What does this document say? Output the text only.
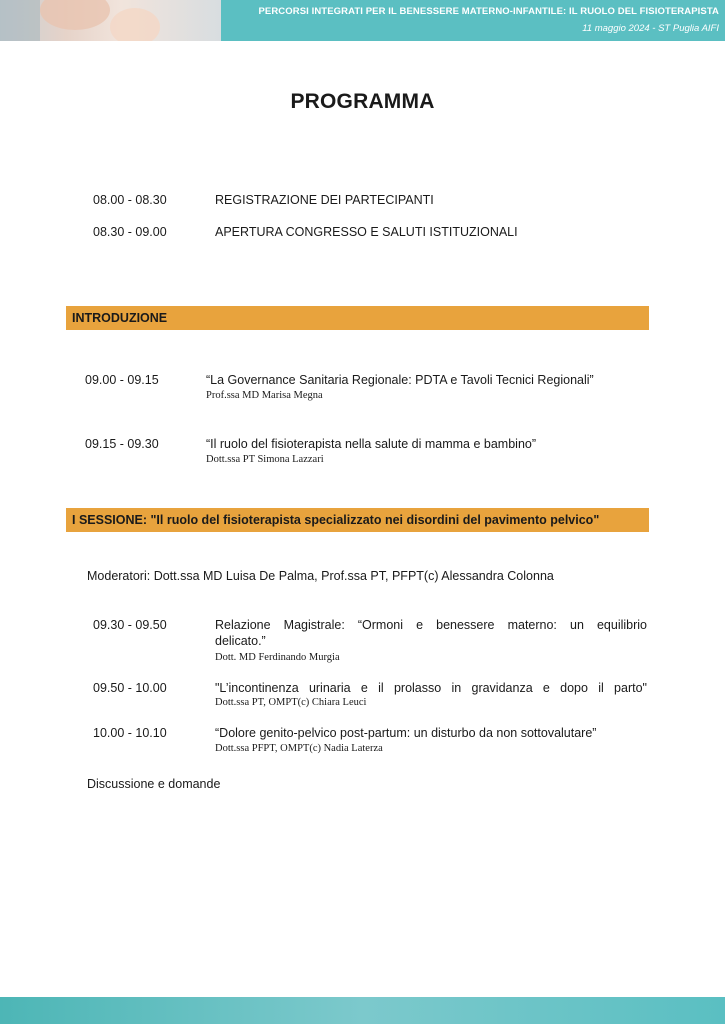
PERCORSI INTEGRATI PER IL BENESSERE MATERNO-INFANTILE: IL RUOLO DEL FISIOTERAPISTA
11 maggio 2024 - ST Puglia AIFI
PROGRAMMA
08.00 - 08.30	REGISTRAZIONE DEI PARTECIPANTI
08.30 - 09.00	APERTURA CONGRESSO E SALUTI ISTITUZIONALI
INTRODUZIONE
09.00 - 09.15	“La Governance Sanitaria Regionale: PDTA e Tavoli Tecnici Regionali”
Prof.ssa MD Marisa Megna
09.15 - 09.30	“Il ruolo del fisioterapista nella salute di mamma e bambino”
Dott.ssa PT Simona Lazzari
I SESSIONE: "Il ruolo del fisioterapista specializzato nei disordini del pavimento pelvico"
Moderatori: Dott.ssa MD Luisa De Palma, Prof.ssa PT, PFPT(c) Alessandra Colonna
09.30 - 09.50	Relazione Magistrale: “Ormoni e benessere materno: un equilibrio
delicato.”
Dott. MD Ferdinando Murgia
09.50 - 10.00	"L’incontinenza urinaria e il prolasso in gravidanza e dopo il parto"
Dott.ssa PT, OMPT(c) Chiara Leuci
10.00 - 10.10	“Dolore genito-pelvico post-partum: un disturbo da non sottovalutare”
Dott.ssa PFPT, OMPT(c) Nadia Laterza
Discussione e domande
